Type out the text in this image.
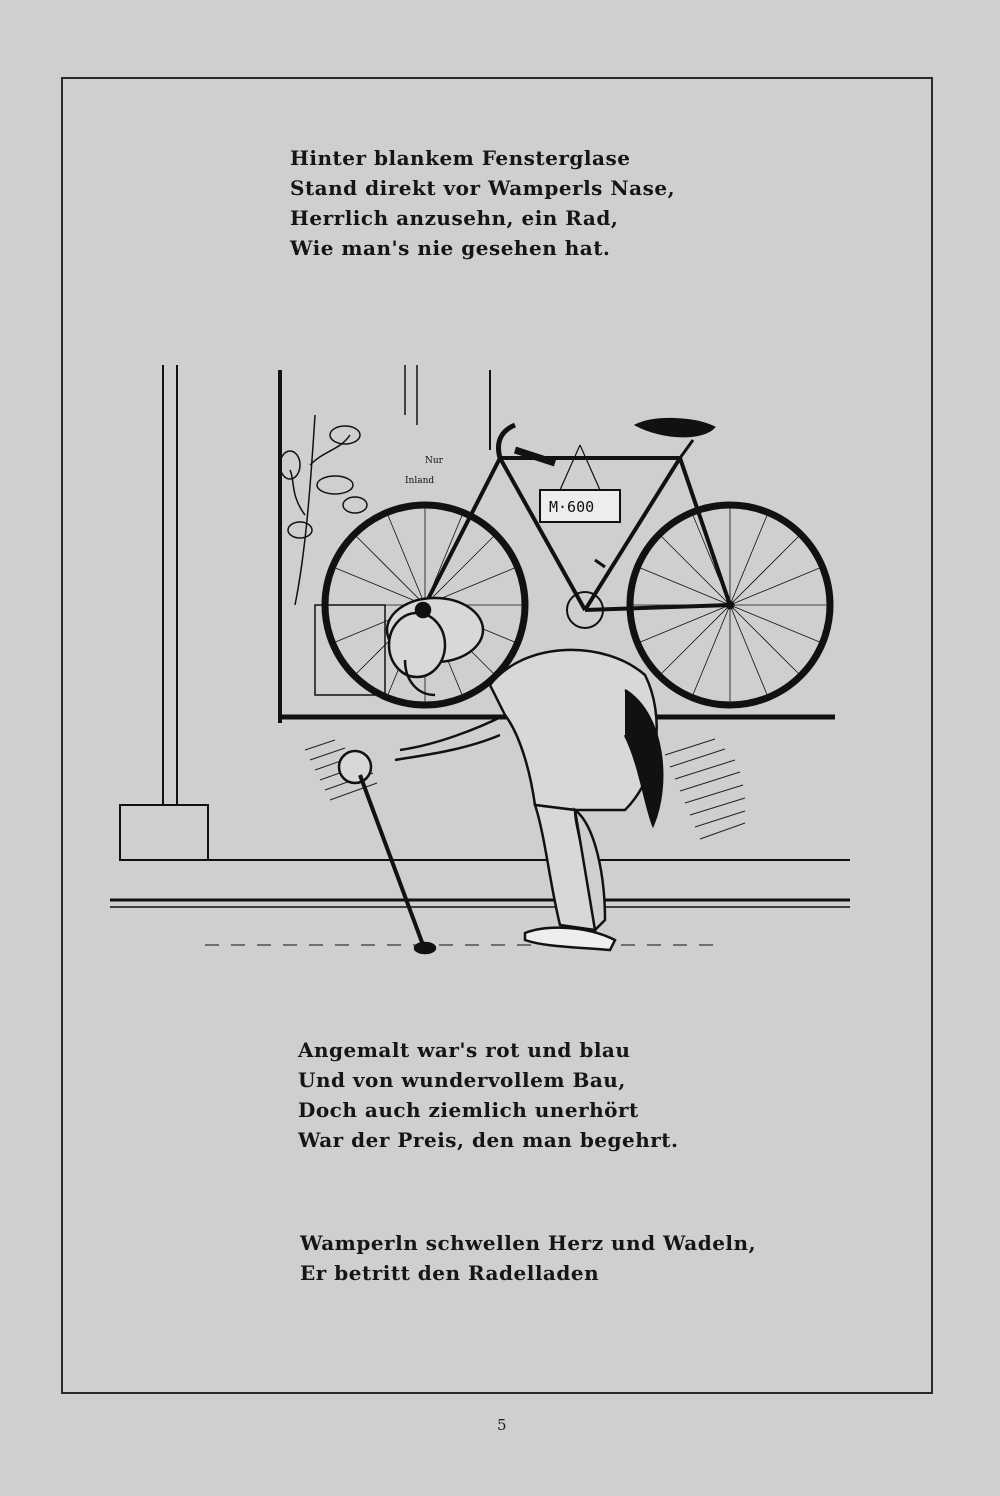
Hinter blankem Fensterglase
Stand direkt vor Wamperls Nase,
Herrlich anzusehn, ein Rad,
Wie man's nie gesehen hat.
Nur
Inland
M·600
Angemalt war's rot und blau
Und von wundervollem Bau,
Doch auch ziemlich unerhört
War der Preis, den man begehrt.
Wamperln schwellen Herz und Wadeln,
Er betritt den Radelladen
5
